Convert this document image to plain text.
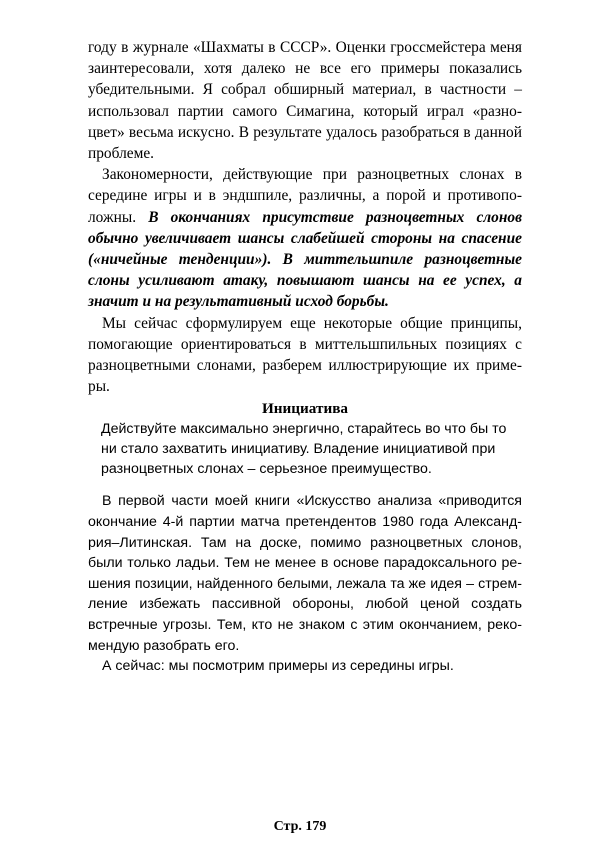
году в журнале «Шахматы в СССР». Оценки гроссмейстера меня заинтересовали, хотя далеко не все его примеры показались убедительными. Я собрал обширный материал, в частности – использовал партии самого Симагина, который играл «разноцвет» весьма искусно. В результате удалось разобраться в данной проблеме.

Закономерности, действующие при разноцветных слонах в середине игры и в эндшпиле, различны, а порой и противоположны. В окончаниях присутствие разноцветных слонов обычно увеличивает шансы слабейшей стороны на спасение («ничейные тенденции»). В миттельшпиле разноцветные слоны усиливают атаку, повышают шансы на ее успех, а значит и на результативный исход борьбы.

Мы сейчас сформулируем еще некоторые общие принципы, помогающие ориентироваться в миттельшпильных позициях с разноцветными слонами, разберем иллюстрирующие их примеры.

Инициатива

Действуйте максимально энергично, старайтесь во что бы то ни стало захватить инициативу. Владение инициативой при разноцветных слонах – серьезное преимущество.

В первой части моей книги «Искусство анализа «приводится окончание 4-й партии матча претендентов 1980 года Александрия–Литинская. Там на доске, помимо разноцветных слонов, были только ладьи. Тем не менее в основе парадоксального решения позиции, найденного белыми, лежала та же идея – стремление избежать пассивной обороны, любой ценой создать встречные угрозы. Тем, кто не знаком с этим окончанием, рекомендую разобрать его.

А сейчас: мы посмотрим примеры из середины игры.

Стр. 179
